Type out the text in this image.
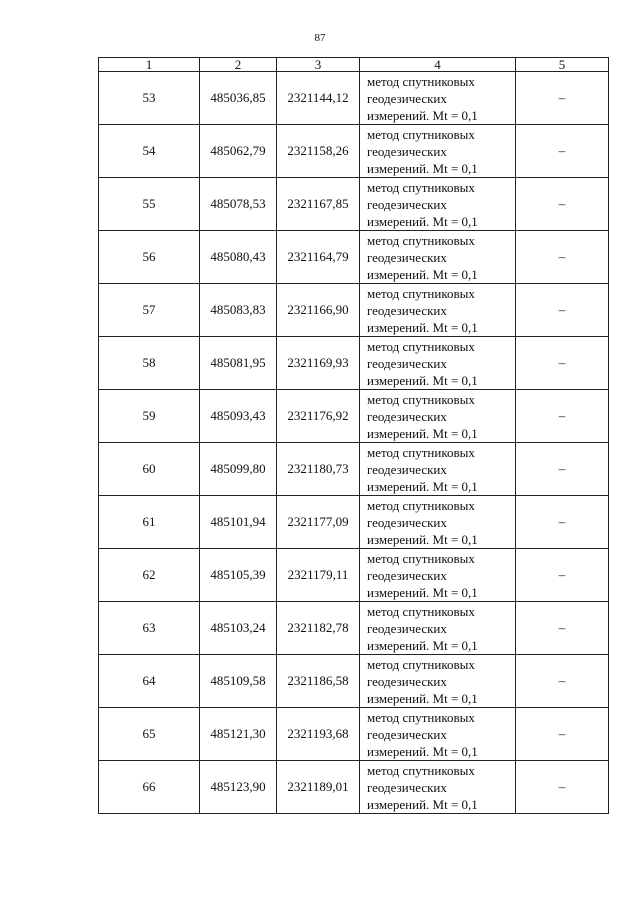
87
1	2	3	4	5
53	485036,85	2321144,12	метод спутниковых
геодезических
измерений. Mt = 0,1	–
54	485062,79	2321158,26	метод спутниковых
геодезических
измерений. Mt = 0,1	–
55	485078,53	2321167,85	метод спутниковых
геодезических
измерений. Mt = 0,1	–
56	485080,43	2321164,79	метод спутниковых
геодезических
измерений. Mt = 0,1	–
57	485083,83	2321166,90	метод спутниковых
геодезических
измерений. Mt = 0,1	–
58	485081,95	2321169,93	метод спутниковых
геодезических
измерений. Mt = 0,1	–
59	485093,43	2321176,92	метод спутниковых
геодезических
измерений. Mt = 0,1	–
60	485099,80	2321180,73	метод спутниковых
геодезических
измерений. Mt = 0,1	–
61	485101,94	2321177,09	метод спутниковых
геодезических
измерений. Mt = 0,1	–
62	485105,39	2321179,11	метод спутниковых
геодезических
измерений. Mt = 0,1	–
63	485103,24	2321182,78	метод спутниковых
геодезических
измерений. Mt = 0,1	–
64	485109,58	2321186,58	метод спутниковых
геодезических
измерений. Mt = 0,1	–
65	485121,30	2321193,68	метод спутниковых
геодезических
измерений. Mt = 0,1	–
66	485123,90	2321189,01	метод спутниковых
геодезических
измерений. Mt = 0,1	–
